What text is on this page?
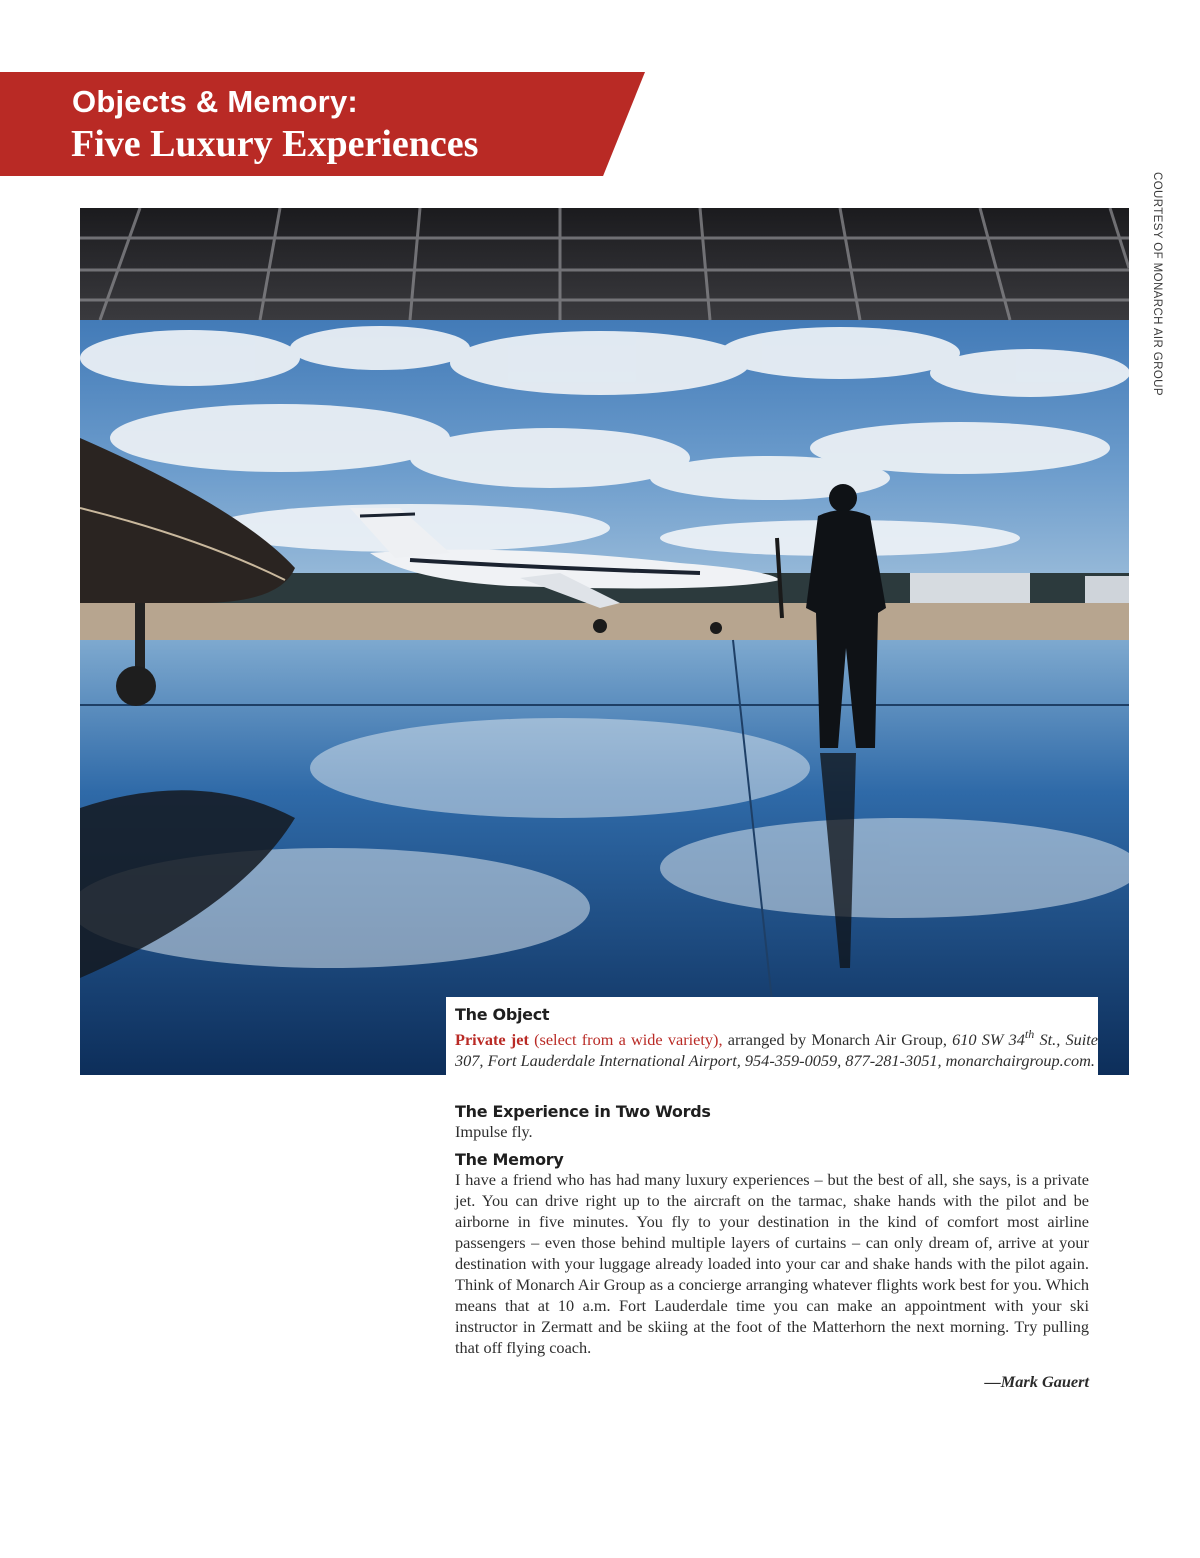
Objects & Memory:
Five Luxury Experiences
COURTESY OF MONARCH AIR GROUP

The Object

Private jet (select from a wide variety), arranged by Monarch Air Group, 610 SW 34th St., Suite 307, Fort Lauderdale International Airport, 954-359-0059, 877-281-3051, monarchairgroup.com.

The Experience in Two Words

Impulse fly.

The Memory

I have a friend who has had many luxury experiences – but the best of all, she says, is a private jet. You can drive right up to the aircraft on the tarmac, shake hands with the pilot and be airborne in five minutes. You fly to your destination in the kind of comfort most airline passengers – even those behind multiple layers of curtains – can only dream of, arrive at your destination with your luggage already loaded into your car and shake hands with the pilot again. Think of Monarch Air Group as a concierge arranging whatever flights work best for you. Which means that at 10 a.m. Fort Lauderdale time you can make an appointment with your ski instructor in Zermatt and be skiing at the foot of the Matterhorn the next morning. Try pulling that off flying coach.

—Mark Gauert
